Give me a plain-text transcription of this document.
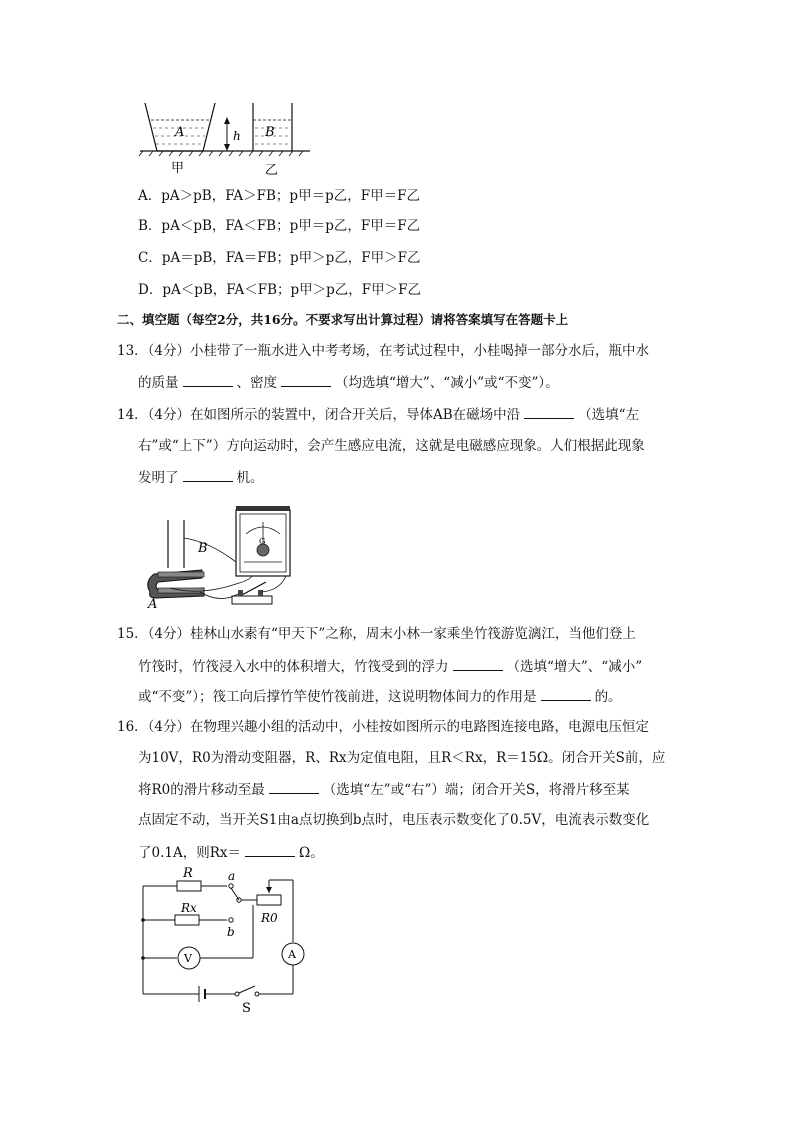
A	h B
甲	乙
A．pA＞pB，FA＞FB；p甲＝p乙，F甲＝F乙
B．pA＜pB，FA＜FB；p甲＝p乙，F甲＝F乙
C．pA＝pB，FA＝FB；p甲＞p乙，F甲＞F乙
D．pA＜pB，FA＜FB；p甲＞p乙，F甲＞F乙
二、填空题（每空2分，共16分。不要求写出计算过程）请将答案填写在答题卡上
13．（4分）小桂带了一瓶水进入中考考场，在考试过程中，小桂喝掉一部分水后，瓶中水
的质量	、密度	（均选填“增大”、“减小”或“不变”）。
14．（4分）在如图所示的装置中，闭合开关后，导体AB在磁场中沿	（选填“左
右”或“上下”）方向运动时，会产生感应电流，这就是电磁感应现象。人们根据此现象
发明了	机。
B
A
G
15．（4分）桂林山水素有“甲天下”之称，周末小林一家乘坐竹筏游览漓江，当他们登上
竹筏时，竹筏浸入水中的体积增大，竹筏受到的浮力	（选填“增大”、“减小”
或“不变”）；筏工向后撑竹竿使竹筏前进，这说明物体间力的作用是	的。
16．（4分）在物理兴趣小组的活动中，小桂按如图所示的电路图连接电路，电源电压恒定
为10V，R0为滑动变阻器，R、Rx为定值电阻，且R＜Rx，R＝15Ω。闭合开关S前，应
将R0的滑片移动至最	（选填“左”或“右”）端；闭合开关S，将滑片移至某
点固定不动，当开关S1由a点切换到b点时，电压表示数变化了0.5V，电流表示数变化
了0.1A，则Rx＝	Ω。
R	a
Rx
b
R0
V	A
S
